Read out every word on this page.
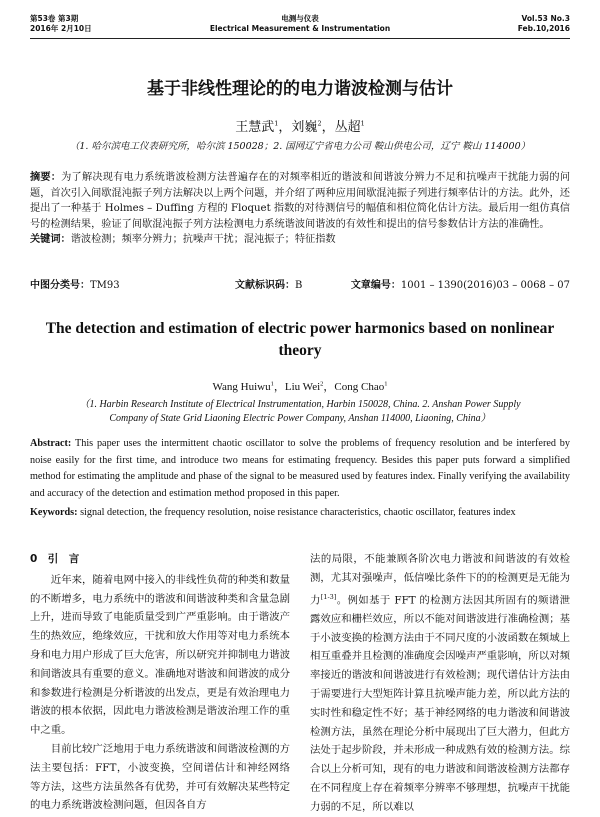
第53卷 第3期
2016年 2月10日
电测与仪表
Electrical Measurement & Instrumentation
Vol.53 No.3
Feb.10,2016
基于非线性理论的的电力谐波检测与估计
王慧武$^1$，刘巍$^2$，丛超$^1$
（1. 哈尔滨电工仪表研究所，哈尔滨 150028；2. 国网辽宁省电力公司 鞍山供电公司，辽宁 鞍山 114000）
摘要：为了解决现有电力系统谐波检测方法普遍存在的对频率相近的谐波和间谐波分辨力不足和抗噪声干扰能力弱的问题，首次引入间歇混沌振子列方法解决以上两个问题，并介绍了两种应用间歇混沌振子列进行频率估计的方法。此外，还提出了一种基于 Holmes – Duffing 方程的 Floquet 指数的对待测信号的幅值和相位简化估计方法。最后用一组仿真信号的检测结果，验证了间歇混沌振子列方法检测电力系统谐波间谐波的有效性和提出的信号参数估计方法的准确性。
关键词：谐波检测；频率分辨力；抗噪声干扰；混沌振子；特征指数
中图分类号：TM93	文献标识码：B	文章编号：1001 – 1390(2016)03 – 0068 – 07
The detection and estimation of electric power harmonics based on nonlinear theory
Wang Huiwu$^1$，Liu Wei$^2$，Cong Chao$^1$
（1. Harbin Research Institute of Electrical Instrumentation, Harbin 150028, China. 2. Anshan Power Supply Company of State Grid Liaoning Electric Power Company, Anshan 114000, Liaoning, China）
Abstract: This paper uses the intermittent chaotic oscillator to solve the problems of frequency resolution and be interfered by noise easily for the first time, and introduce two means for estimating frequency. Besides this paper puts forward a simplified method for estimating the amplitude and phase of the signal to be measured used by features index. Finally verifying the availability and accuracy of the detection and estimation method proposed in this paper.
Keywords: signal detection, the frequency resolution, noise resistance characteristics, chaotic oscillator, features index
0　引　言

近年来，随着电网中接入的非线性负荷的种类和数量的不断增多，电力系统中的谐波和间谐波种类和含量急剧上升，进而导致了电能质量受到广严重影响。由于谐波产生的热效应，绝缘效应，干扰和放大作用等对电力系统本身和电力用户形成了巨大危害，所以研究并抑制电力谐波和间谐波具有重要的意义。准确地对谐波和间谐波的成分和参数进行检测是分析谐波的出发点，更是有效治理电力谐波的根本依据，因此电力谐波检测是谐波治理工作的重中之重。

目前比较广泛地用于电力系统谐波和间谐波检测的方法主要包括：FFT，小波变换，空间谱估计和神经网络等方法，这些方法虽然各有优势，并可有效解决某些特定的电力系统谐波检测问题，但因各自方

法的局限，不能兼顾各阶次电力谐波和间谐波的有效检测，尤其对强噪声，低信噪比条件下的的检测更是无能为力[1-3]。例如基于 FFT 的检测方法因其所固有的频谱泄露效应和栅栏效应，所以不能对间谐波进行准确检测；基于小波变换的检测方法由于不同尺度的小波函数在频域上相互重叠并且检测的准确度会因噪声严重影响，所以对频率接近的谐波和间谐波进行有效检测；现代谱估计方法由于需要进行大型矩阵计算且抗噪声能力差，所以此方法的实时性和稳定性不好；基于神经网络的电力谐波和间谐波检测方法，虽然在理论分析中展现出了巨大潜力，但此方法处于起步阶段，并未形成一种成熟有效的检测方法。综合以上分析可知，现有的电力谐波和间谐波检测方法都存在不同程度上存在着频率分辨率不够理想，抗噪声干扰能力弱的不足，所以难以
